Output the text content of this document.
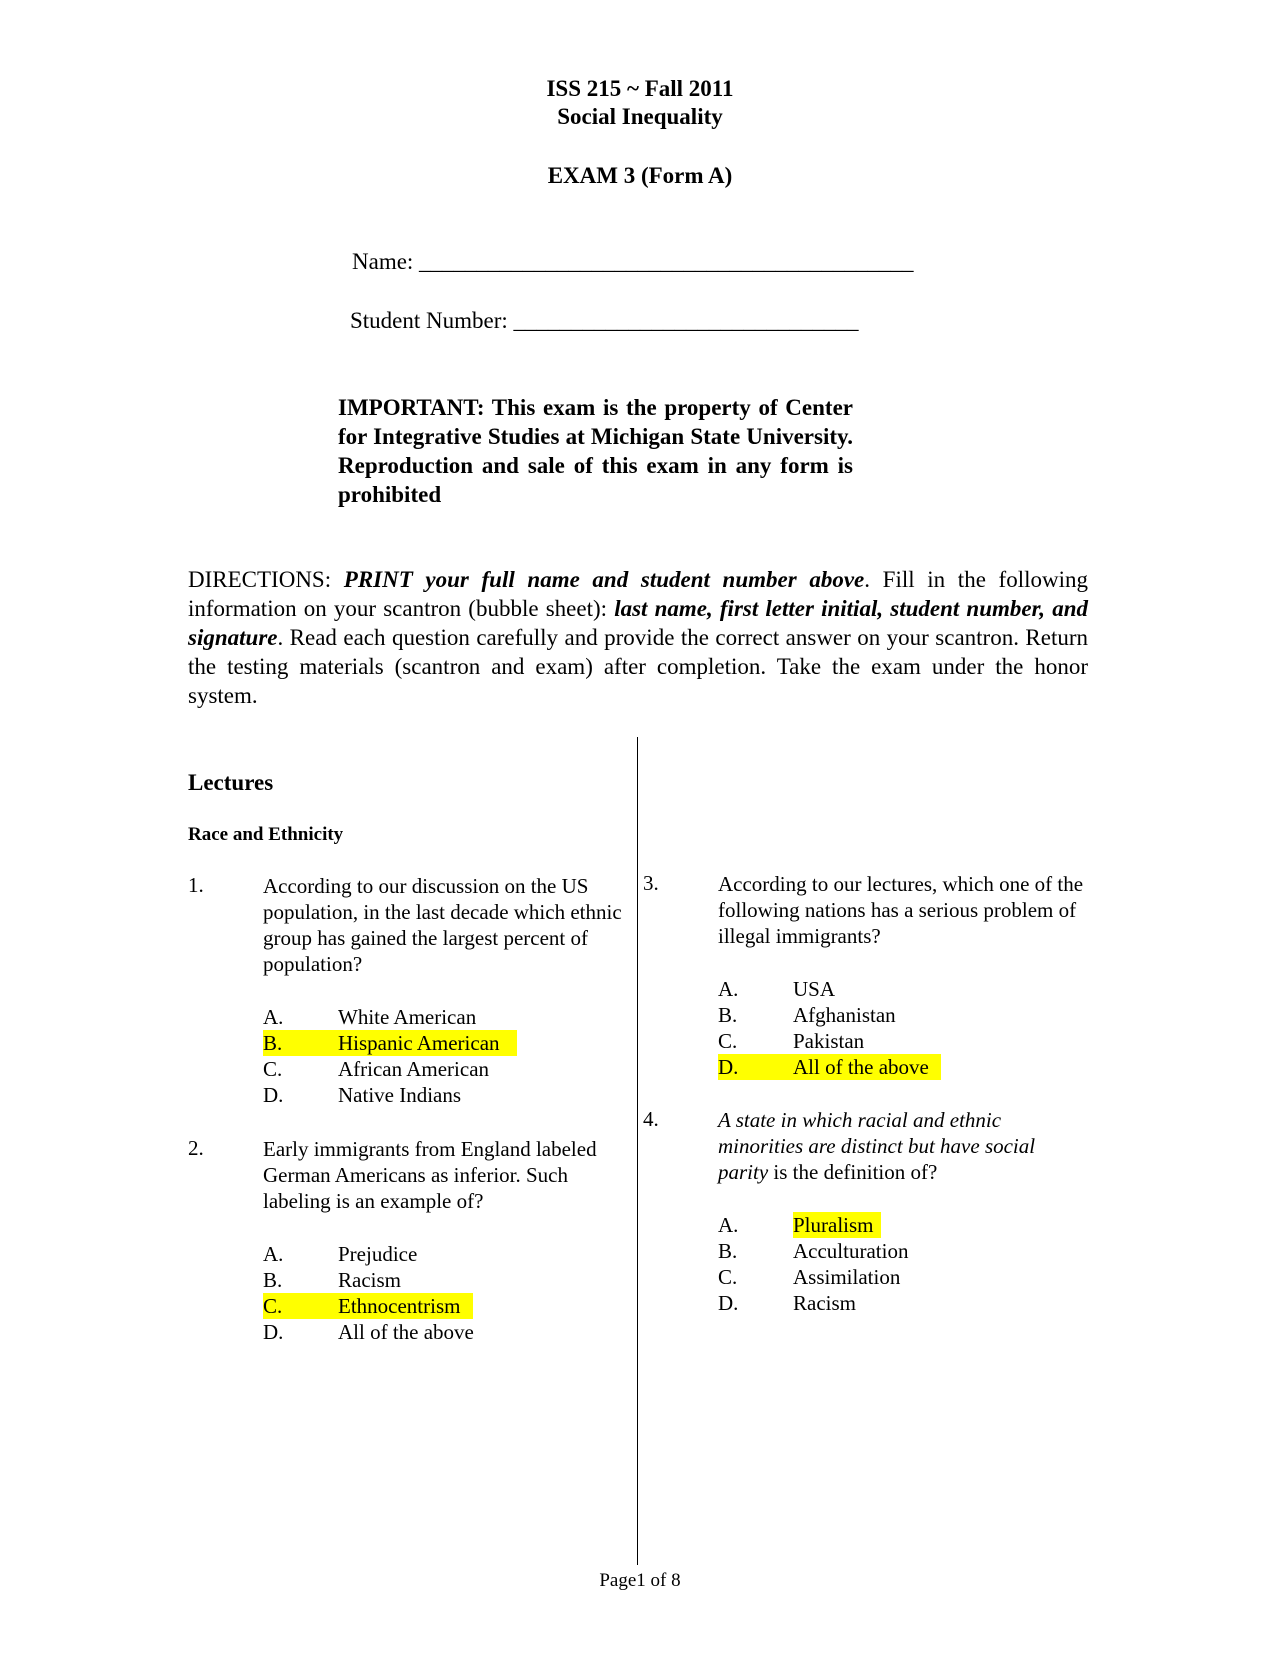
ISS 215 ~ Fall 2011
Social Inequality
EXAM 3 (Form A)
Name: ___________________________________________
Student Number: ______________________________
IMPORTANT: This exam is the property of Center for Integrative Studies at Michigan State University. Reproduction and sale of this exam in any form is prohibited
DIRECTIONS: PRINT your full name and student number above. Fill in the following information on your scantron (bubble sheet): last name, first letter initial, student number, and signature. Read each question carefully and provide the correct answer on your scantron. Return the testing materials (scantron and exam) after completion. Take the exam under the honor system.
Lectures
Race and Ethnicity
1.	According to our discussion on the US population, in the last decade which ethnic group has gained the largest percent of population?
A.	White American
B.	Hispanic American
C.	African American
D.	Native Indians
2.	Early immigrants from England labeled German Americans as inferior. Such labeling is an example of?
A.	Prejudice
B.	Racism
C.	Ethnocentrism
D.	All of the above
3.	According to our lectures, which one of the following nations has a serious problem of illegal immigrants?
A.	USA
B.	Afghanistan
C.	Pakistan
D.	All of the above
4.	A state in which racial and ethnic minorities are distinct but have social parity is the definition of?
A.	Pluralism
B.	Acculturation
C.	Assimilation
D.	Racism
Page1 of 8
